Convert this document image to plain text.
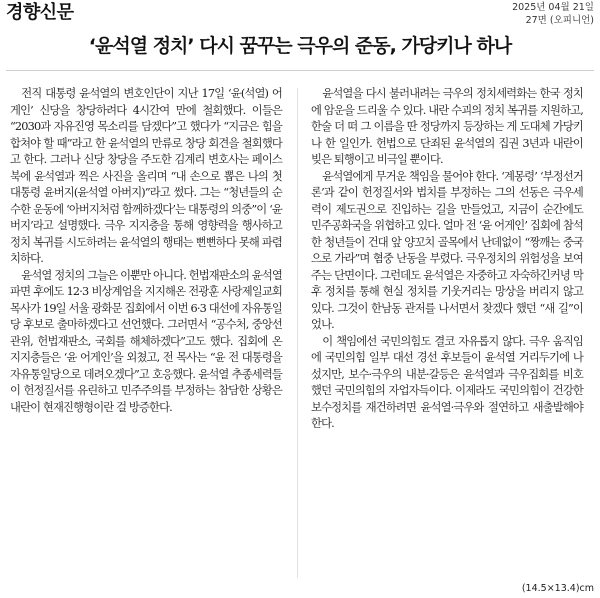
경향신문	2025년 04월 21일
27면 (오피니언)
‘윤석열 정치’ 다시 꿈꾸는 극우의 준동, 가당키나 하나

전직 대통령 윤석열의 변호인단이 지난 17일 ‘윤(석열) 어게인’ 신당을 창당하려다 4시간여 만에 철회했다. 이들은 “2030과 자유진영 목소리를 담겠다”고 했다가 “지금은 힘을 합쳐야 할 때”라고 한 윤석열의 만류로 창당 회견을 철회했다고 한다. 그러나 신당 창당을 주도한 김계리 변호사는 페이스북에 윤석열과 찍은 사진을 올리며 “내 손으로 뽑은 나의 첫 대통령 윤버지(윤석열 아버지)”라고 썼다. 그는 “청년들의 순수한 운동에 ‘아버지처럼 함께하겠다’는 대통령의 의중”이 ‘윤버지’라고 설명했다. 극우 지지층을 통해 영향력을 행사하고 정치 복귀를 시도하려는 윤석열의 행태는 뻔뻔하다 못해 파렴치하다.

윤석열 정치의 그늘은 이뿐만 아니다. 헌법재판소의 윤석열 파면 후에도 12·3 비상계엄을 지지해온 전광훈 사랑제일교회 목사가 19일 서울 광화문 집회에서 이번 6·3 대선에 자유통일당 후보로 출마하겠다고 선언했다. 그러면서 “공수처, 중앙선관위, 헌법재판소, 국회를 해체하겠다”고도 했다. 집회에 온 지지층들은 ‘윤 어게인’을 외쳤고, 전 목사는 “윤 전 대통령을 자유통일당으로 데려오겠다”고 호응했다. 윤석열 추종세력들이 헌정질서를 유린하고 민주주의를 부정하는 참담한 상황은 내란이 현재진행형이란 걸 방증한다.

윤석열을 다시 불러내려는 극우의 정치세력화는 한국 정치에 암운을 드리울 수 있다. 내란 수괴의 정치 복귀를 지원하고, 한술 더 떠 그 이름을 딴 정당까지 등장하는 게 도대체 가당키나 한 일인가. 헌법으로 단죄된 윤석열의 집권 3년과 내란이 빚은 퇴행이고 비극일 뿐이다.

윤석열에게 무거운 책임을 물어야 한다. ‘계몽령’ ‘부정선거론’과 같이 헌정질서와 법치를 부정하는 그의 선동은 극우세력이 제도권으로 진입하는 길을 만들었고, 지금이 순간에도 민주공화국을 위협하고 있다. 얼마 전 ‘윤 어게인’ 집회에 참석한 청년들이 건대 앞 양꼬치 골목에서 난데없이 “짱깨는 중국으로 가라”며 혐중 난동을 부렸다. 극우정치의 위험성을 보여주는 단면이다. 그런데도 윤석열은 자중하고 자숙하긴커녕 막후 정치를 통해 현실 정치를 기웃거리는 망상을 버리지 않고 있다. 그것이 한남동 관저를 나서면서 찾겠다 했던 “새 길”이었나.

이 책임에선 국민의힘도 결코 자유롭지 않다. 극우 움직임에 국민의힘 일부 대선 경선 후보들이 윤석열 거리두기에 나섰지만, 보수·극우의 내분·갈등은 윤석열과 극우집회를 비호했던 국민의힘의 자업자득이다. 이제라도 국민의힘이 건강한 보수정치를 재건하려면 윤석열·극우와 절연하고 새출발해야 한다.

(14.5×13.4)cm
